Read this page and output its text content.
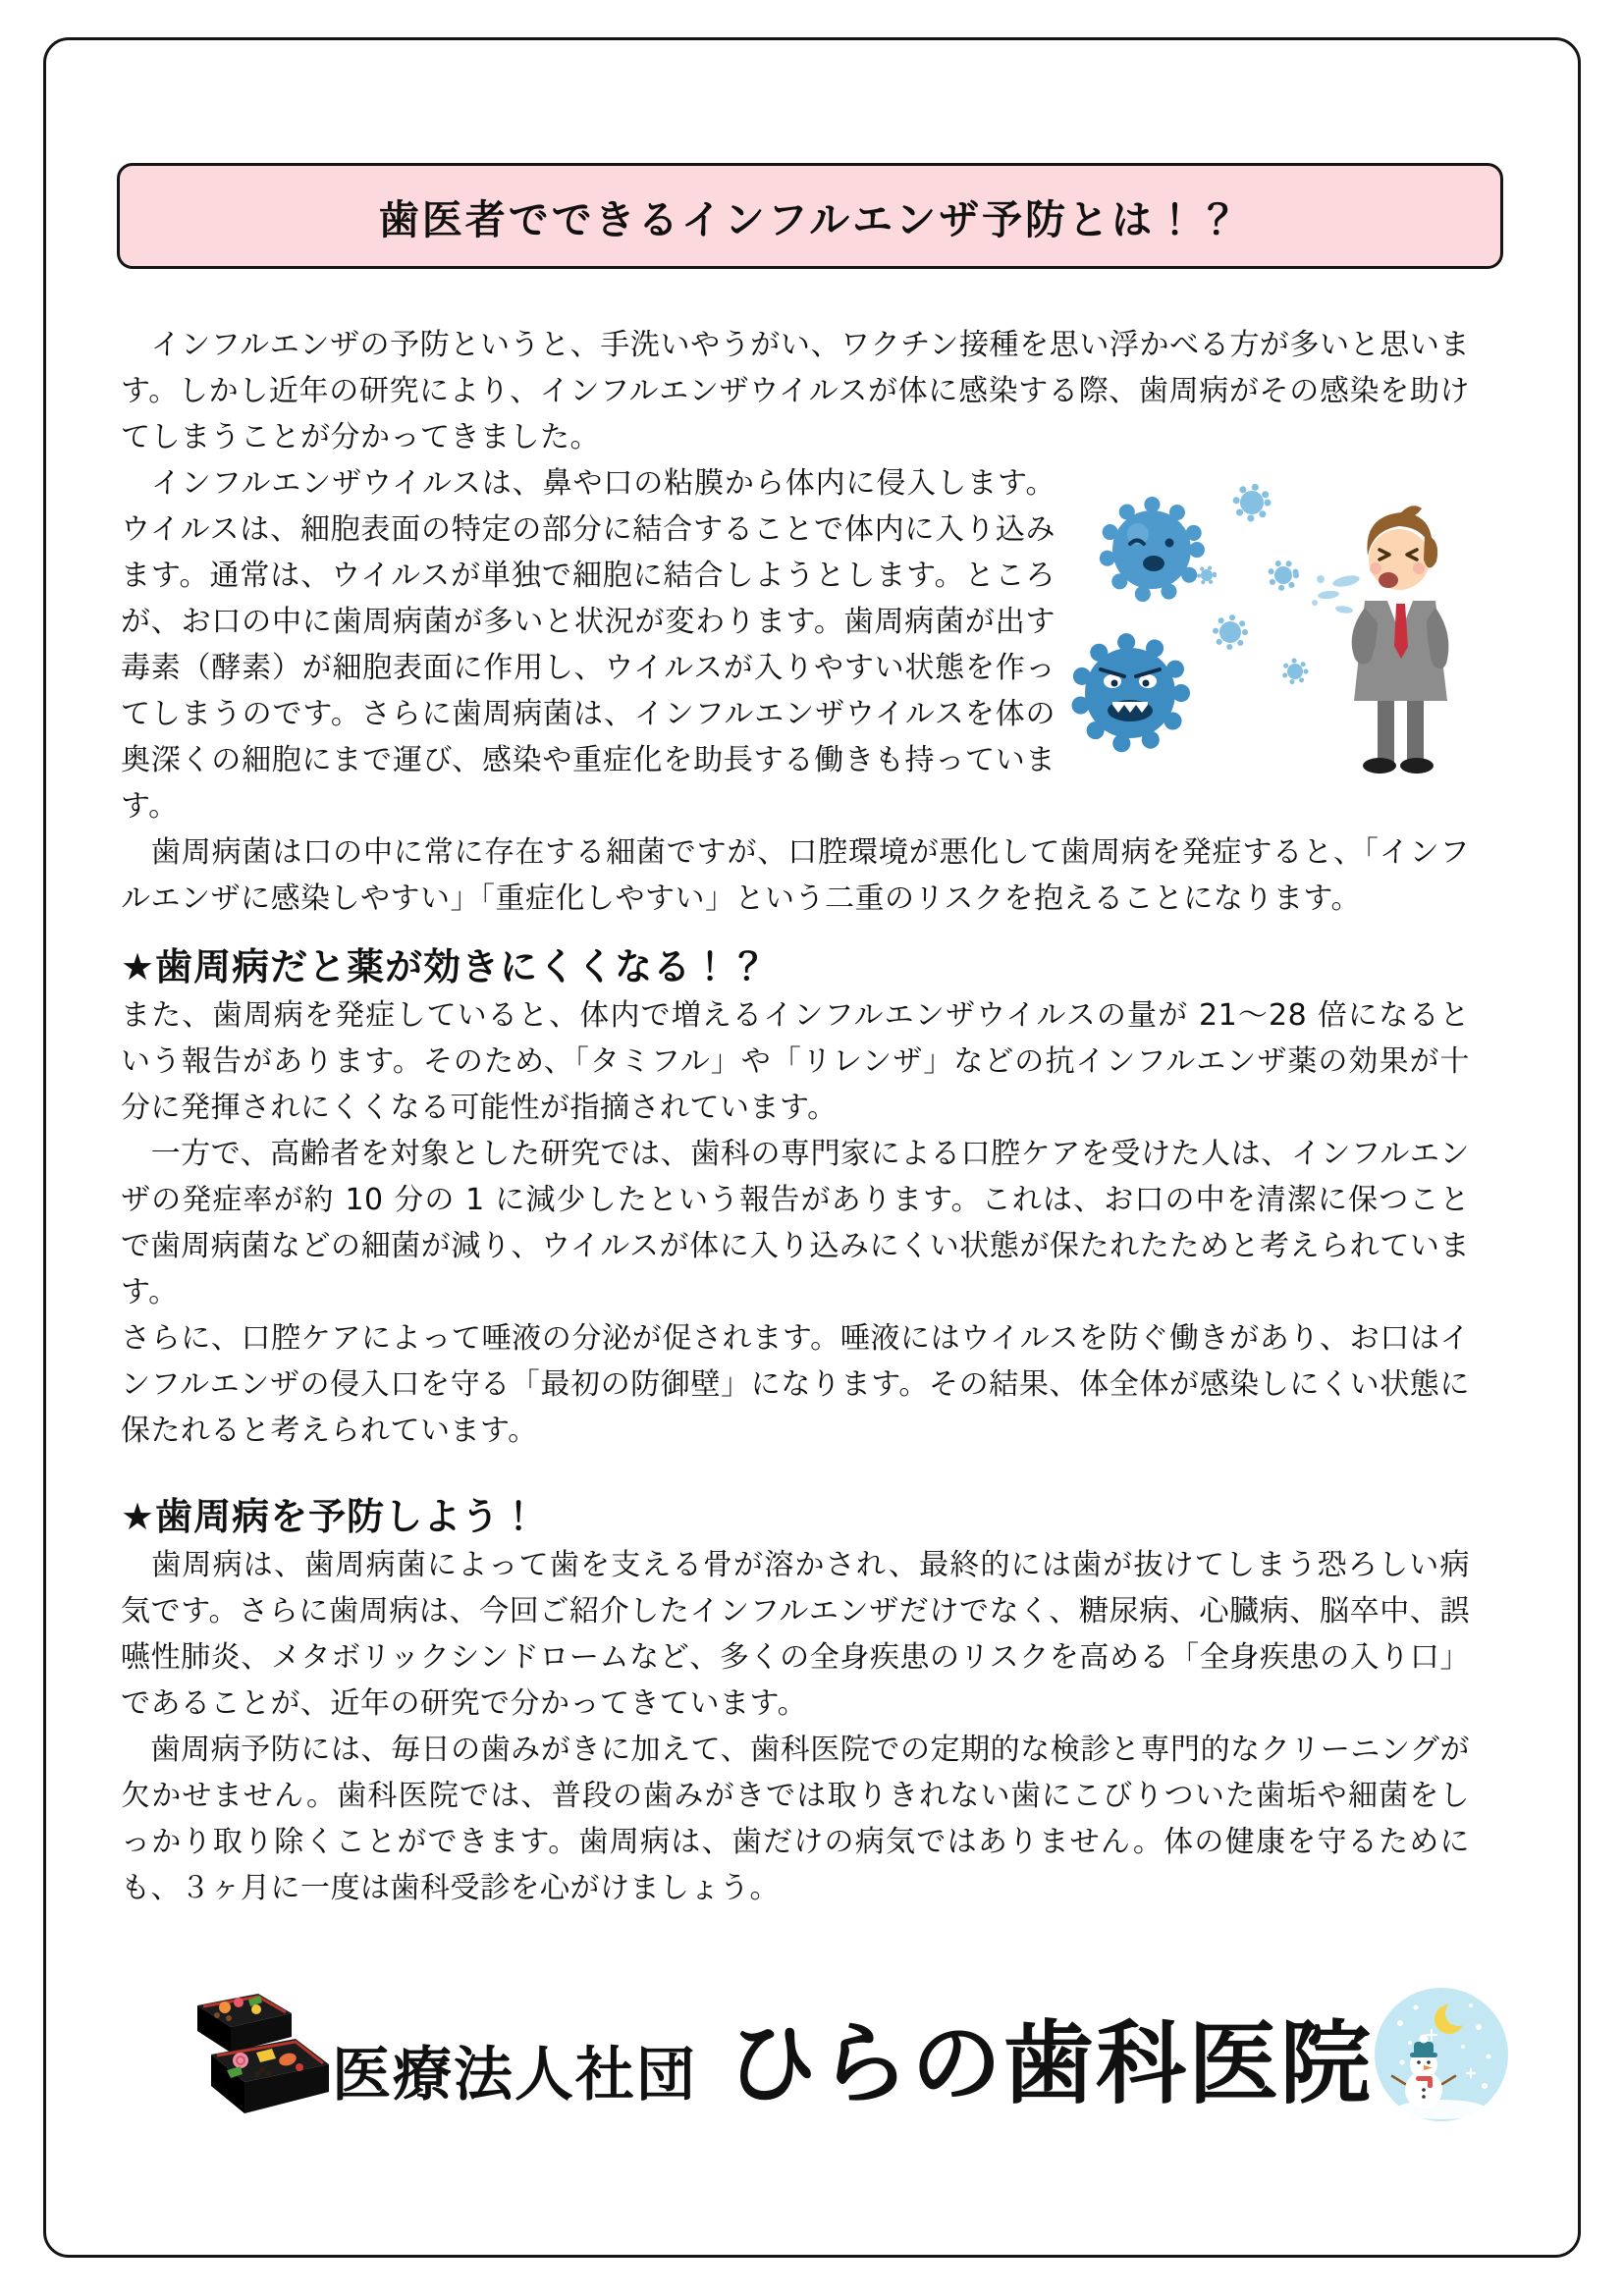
歯医者でできるインフルエンザ予防とは！？

　インフルエンザの予防というと、手洗いやうがい、ワクチン接種を思い浮かべる方が多いと思います。しかし近年の研究により、インフルエンザウイルスが体に感染する際、歯周病がその感染を助けてしまうことが分かってきました。

　インフルエンザウイルスは、鼻や口の粘膜から体内に侵入します。ウイルスは、細胞表面の特定の部分に結合することで体内に入り込みます。通常は、ウイルスが単独で細胞に結合しようとします。ところが、お口の中に歯周病菌が多いと状況が変わります。歯周病菌が出す毒素（酵素）が細胞表面に作用し、ウイルスが入りやすい状態を作ってしまうのです。さらに歯周病菌は、インフルエンザウイルスを体の奥深くの細胞にまで運び、感染や重症化を助長する働きも持っています。

　歯周病菌は口の中に常に存在する細菌ですが、口腔環境が悪化して歯周病を発症すると、「インフルエンザに感染しやすい」「重症化しやすい」という二重のリスクを抱えることになります。

★歯周病だと薬が効きにくくなる！？

また、歯周病を発症していると、体内で増えるインフルエンザウイルスの量が 21～28 倍になるという報告があります。そのため、「タミフル」や「リレンザ」などの抗インフルエンザ薬の効果が十分に発揮されにくくなる可能性が指摘されています。

　一方で、高齢者を対象とした研究では、歯科の専門家による口腔ケアを受けた人は、インフルエンザの発症率が約 10 分の 1 に減少したという報告があります。これは、お口の中を清潔に保つことで歯周病菌などの細菌が減り、ウイルスが体に入り込みにくい状態が保たれたためと考えられています。

さらに、口腔ケアによって唾液の分泌が促されます。唾液にはウイルスを防ぐ働きがあり、お口はインフルエンザの侵入口を守る「最初の防御壁」になります。その結果、体全体が感染しにくい状態に保たれると考えられています。

★歯周病を予防しよう！

　歯周病は、歯周病菌によって歯を支える骨が溶かされ、最終的には歯が抜けてしまう恐ろしい病気です。さらに歯周病は、今回ご紹介したインフルエンザだけでなく、糖尿病、心臓病、脳卒中、誤嚥性肺炎、メタボリックシンドロームなど、多くの全身疾患のリスクを高める「全身疾患の入り口」であることが、近年の研究で分かってきています。

　歯周病予防には、毎日の歯みがきに加えて、歯科医院での定期的な検診と専門的なクリーニングが欠かせません。歯科医院では、普段の歯みがきでは取りきれない歯にこびりついた歯垢や細菌をしっかり取り除くことができます。歯周病は、歯だけの病気ではありません。体の健康を守るためにも、３ヶ月に一度は歯科受診を心がけましょう。

医療法人社団 ひらの歯科医院
